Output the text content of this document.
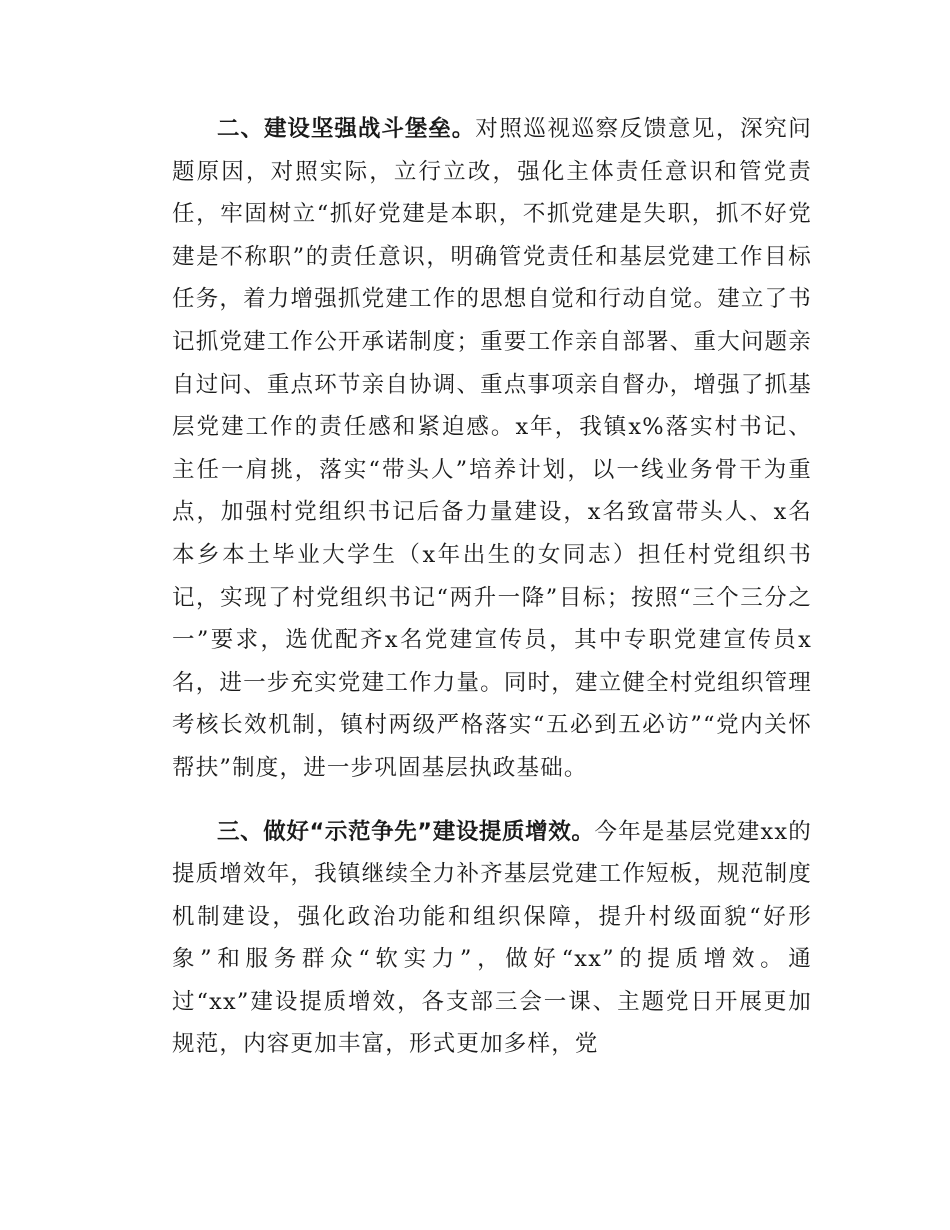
二、建设坚强战斗堡垒。对照巡视巡察反馈意见，深究问题原因，对照实际，立行立改，强化主体责任意识和管党责任，牢固树立“抓好党建是本职，不抓党建是失职，抓不好党建是不称职”的责任意识，明确管党责任和基层党建工作目标任务，着力增强抓党建工作的思想自觉和行动自觉。建立了书记抓党建工作公开承诺制度；重要工作亲自部署、重大问题亲自过问、重点环节亲自协调、重点事项亲自督办，增强了抓基层党建工作的责任感和紧迫感。x年，我镇x%落实村书记、主任一肩挑，落实“带头人”培养计划，以一线业务骨干为重点，加强村党组织书记后备力量建设，x名致富带头人、x名本乡本土毕业大学生（x年出生的女同志）担任村党组织书记，实现了村党组织书记“两升一降”目标；按照“三个三分之一”要求，选优配齐x名党建宣传员，其中专职党建宣传员x名，进一步充实党建工作力量。同时，建立健全村党组织管理考核长效机制，镇村两级严格落实“五必到五必访”“党内关怀帮扶”制度，进一步巩固基层执政基础。

三、做好“示范争先”建设提质增效。今年是基层党建xx的提质增效年，我镇继续全力补齐基层党建工作短板，规范制度机制建设，强化政治功能和组织保障，提升村级面貌“好形象”和服务群众“软实力”，做好“xx”的提质增效。通过“xx”建设提质增效，各支部三会一课、主题党日开展更加规范，内容更加丰富，形式更加多样，党
